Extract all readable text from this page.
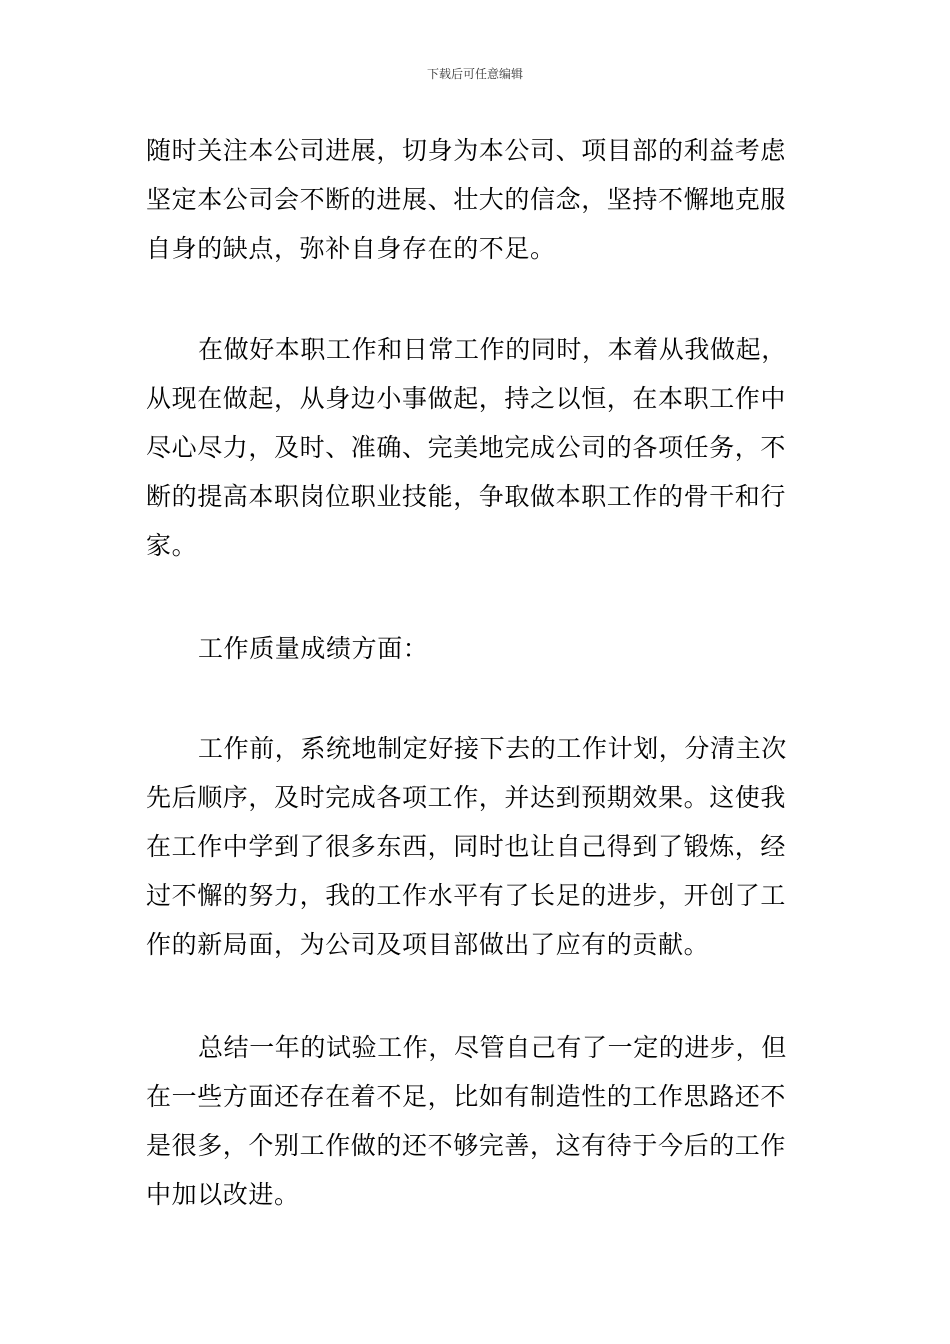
下载后可任意编辑

随时关注本公司进展，切身为本公司、项目部的利益考虑坚定本公司会不断的进展、壮大的信念，坚持不懈地克服自身的缺点，弥补自身存在的不足。

在做好本职工作和日常工作的同时，本着从我做起，从现在做起，从身边小事做起，持之以恒，在本职工作中尽心尽力，及时、准确、完美地完成公司的各项任务，不断的提高本职岗位职业技能，争取做本职工作的骨干和行家。

工作质量成绩方面：

工作前，系统地制定好接下去的工作计划，分清主次先后顺序，及时完成各项工作，并达到预期效果。这使我在工作中学到了很多东西，同时也让自己得到了锻炼，经过不懈的努力，我的工作水平有了长足的进步，开创了工作的新局面，为公司及项目部做出了应有的贡献。

总结一年的试验工作，尽管自己有了一定的进步，但在一些方面还存在着不足，比如有制造性的工作思路还不是很多，个别工作做的还不够完善，这有待于今后的工作中加以改进。
